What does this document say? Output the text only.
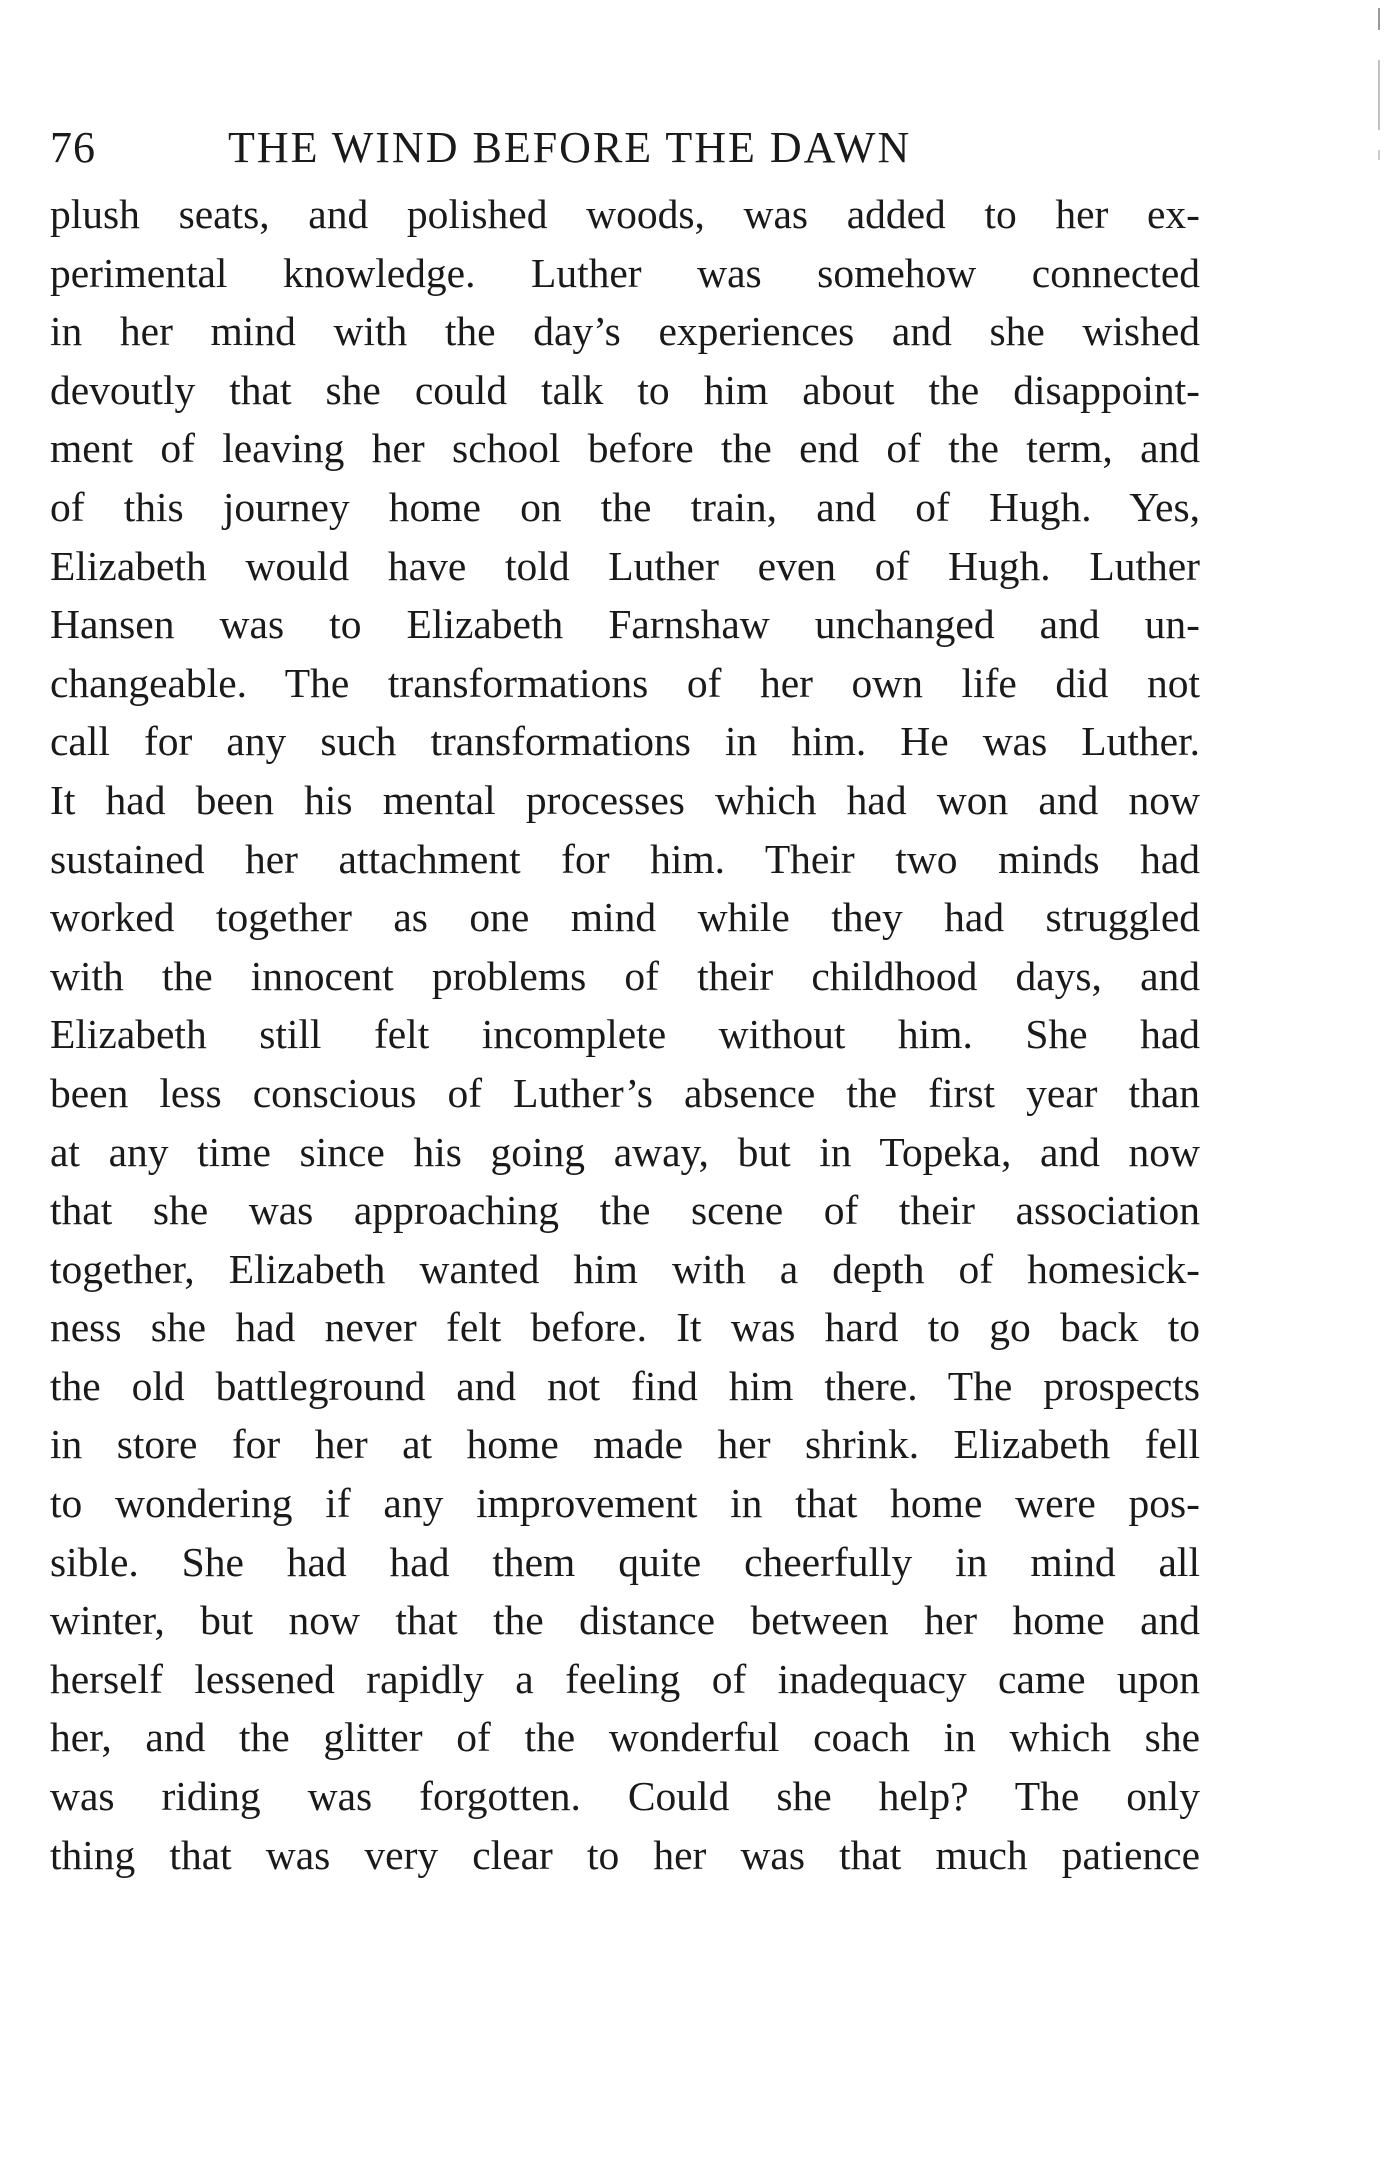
76	THE WIND BEFORE THE DAWN
plush seats, and polished woods, was added to her ex-
perimental knowledge. Luther was somehow connected
in her mind with the day’s experiences and she wished
devoutly that she could talk to him about the disappoint-
ment of leaving her school before the end of the term, and
of this journey home on the train, and of Hugh. Yes,
Elizabeth would have told Luther even of Hugh. Luther
Hansen was to Elizabeth Farnshaw unchanged and un-
changeable. The transformations of her own life did not
call for any such transformations in him. He was Luther.
It had been his mental processes which had won and now
sustained her attachment for him. Their two minds had
worked together as one mind while they had struggled
with the innocent problems of their childhood days, and
Elizabeth still felt incomplete without him. She had
been less conscious of Luther’s absence the first year than
at any time since his going away, but in Topeka, and now
that she was approaching the scene of their association
together, Elizabeth wanted him with a depth of homesick-
ness she had never felt before. It was hard to go back to
the old battleground and not find him there. The prospects
in store for her at home made her shrink. Elizabeth fell
to wondering if any improvement in that home were pos-
sible. She had had them quite cheerfully in mind all
winter, but now that the distance between her home and
herself lessened rapidly a feeling of inadequacy came upon
her, and the glitter of the wonderful coach in which she
was riding was forgotten. Could she help? The only
thing that was very clear to her was that much patience
